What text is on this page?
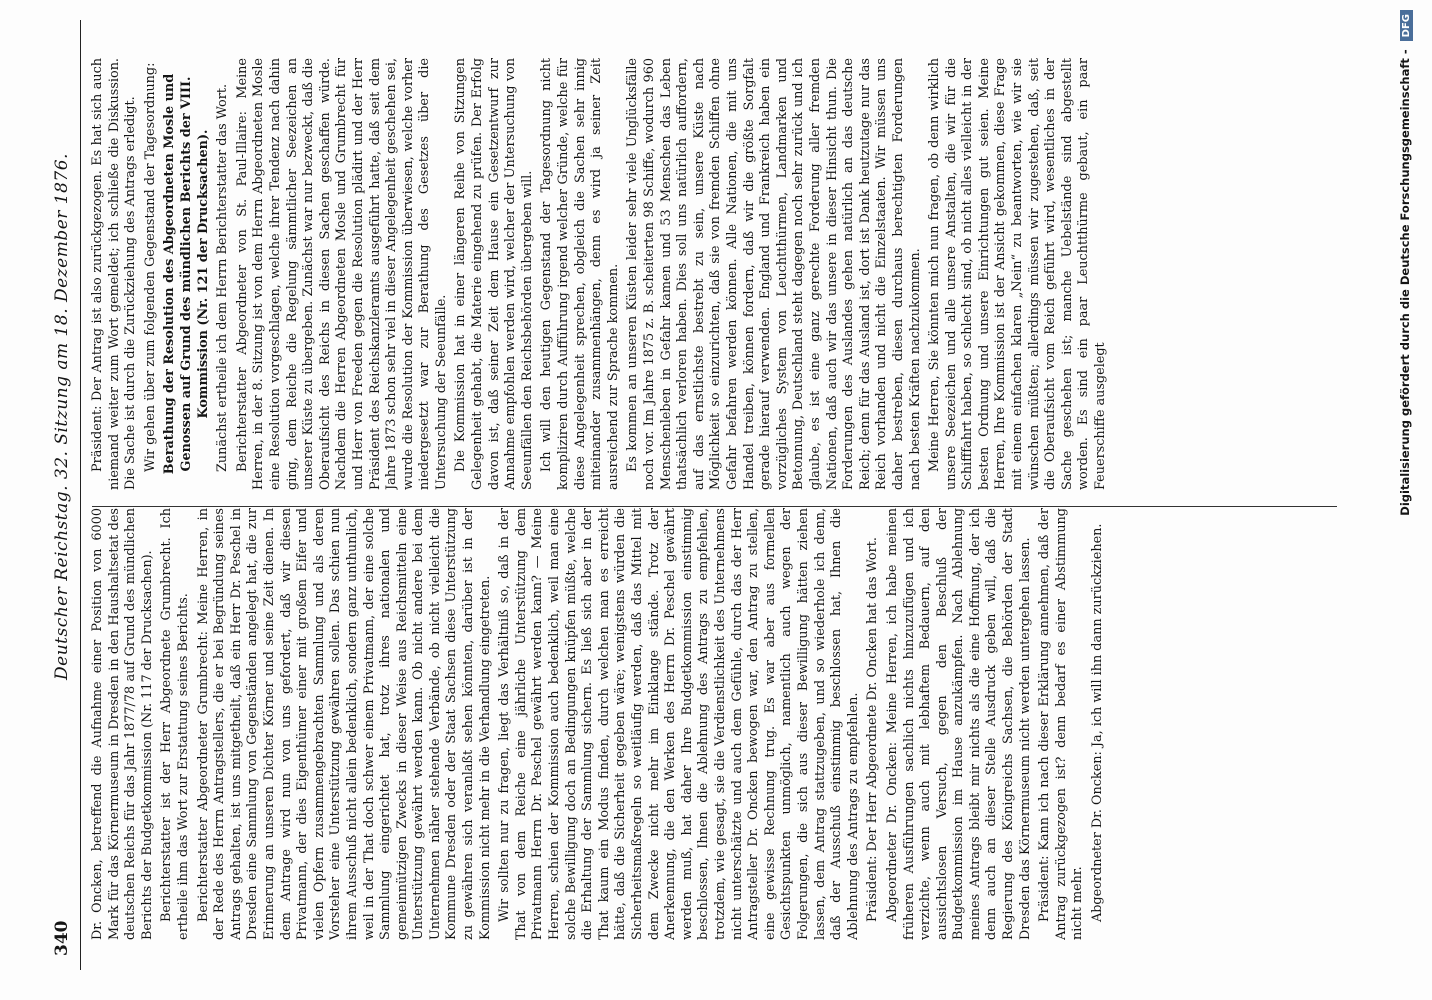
340
Deutscher Reichstag. 32. Sitzung am 18. Dezember 1876.

Dr. Oncken, betreffend die Aufnahme einer Position von 6000 Mark für das Körnermuseum in Dresden in den Haushaltsetat des deutschen Reichs für das Jahr 1877/78 auf Grund des mündlichen Berichts der Budgetkommission (Nr. 117 der Drucksachen). Berichterstatter ist der Herr Abgeordnete Grumbrecht. Ich ertheile ihm das Wort zur Erstattung seines Berichts. Berichterstatter Abgeordneter Grumbrecht: Meine Herren, in der Rede des Herrn Antragstellers, die er bei Begründung seines Antrags gehalten, ist uns mitgetheilt, daß ein Herr Dr. Peschel in Dresden eine Sammlung von Gegenständen angelegt hat, die zur Erinnerung an unseren Dichter Körner und seine Zeit dienen. In dem Antrage wird nun von uns gefordert, daß wir diesen Privatmann, der dies Eigenthümer einer mit großem Eifer und vielen Opfern zusammengebrachten Sammlung und als deren Vorsteher eine Unterstützung gewähren sollen. Das schien nun ihrem Ausschuß nicht allein bedenklich, sondern ganz unthunlich, weil in der That doch schwer einem Privatmann, der eine solche Sammlung eingerichtet hat, trotz ihres nationalen und gemeinnützigen Zwecks in dieser Weise aus Reichsmitteln eine Unterstützung gewährt werden kann. Ob nicht andere bei dem Unternehmen näher stehende Verbände, ob nicht vielleicht die Kommune Dresden oder der Staat Sachsen diese Unterstützung zu gewähren sich veranlaßt sehen könnten, darüber ist in der Kommission nicht mehr in die Verhandlung eingetreten. Wir sollten nur zu fragen, liegt das Verhältniß so, daß in der That von dem Reiche eine jährliche Unterstützung dem Privatmann Herrn Dr. Peschel gewährt werden kann? — Meine Herren, schien der Kommission auch bedenklich, weil man eine solche Bewilligung doch an Bedingungen knüpfen müßte, welche die Erhaltung der Sammlung sichern. Es ließ sich aber in der That kaum ein Modus finden, durch welchen man es erreicht hätte, daß die Sicherheit gegeben wäre; wenigstens würden die Sicherheitsmaßregeln so weitläufig werden, daß das Mittel mit dem Zwecke nicht mehr im Einklange stände. Trotz der Anerkennung, die den Werken des Herrn Dr. Peschel gewährt werden muß, hat daher Ihre Budgetkommission einstimmig beschlossen, Ihnen die Ablehnung des Antrags zu empfehlen, trotzdem, wie gesagt, sie die Verdienstlichkeit des Unternehmens nicht unterschätzte und auch dem Gefühle, durch das der Herr Antragsteller Dr. Oncken bewogen war, den Antrag zu stellen, eine gewisse Rechnung trug. Es war aber aus formellen Gesichtspunkten unmöglich, namentlich auch wegen der Folgerungen, die sich aus dieser Bewilligung hätten ziehen lassen, dem Antrag stattzugeben, und so wiederhole ich denn, daß der Ausschuß einstimmig beschlossen hat, Ihnen die Ablehnung des Antrags zu empfehlen. Präsident: Der Herr Abgeordnete Dr. Oncken hat das Wort. Abgeordneter Dr. Oncken: Meine Herren, ich habe meinen früheren Ausführungen sachlich nichts hinzuzufügen und ich verzichte, wenn auch mit lebhaftem Bedauern, auf den aussichtslosen Versuch, gegen den Beschluß der Budgetkommission im Hause anzukämpfen. Nach Ablehnung meines Antrags bleibt mir nichts als die eine Hoffnung, der ich denn auch an dieser Stelle Ausdruck geben will, daß die Regierung des Königreichs Sachsen, die Behörden der Stadt Dresden das Körnermuseum nicht werden untergehen lassen. Präsident: Kann ich nach dieser Erklärung annehmen, daß der Antrag zurückgezogen ist? denn bedarf es einer Abstimmung nicht mehr. Abgeordneter Dr. Oncken: Ja, ich will ihn dann zurückziehen.

Präsident: Der Antrag ist also zurückgezogen. Es hat sich auch niemand weiter zum Wort gemeldet; ich schließe die Diskussion. Die Sache ist durch die Zurückziehung des Antrags erledigt. Wir gehen über zum folgenden Gegenstand der Tagesordnung: Berathung der Resolution des Abgeordneten Mosle und Genossen auf Grund des mündlichen Berichts der VIII. Kommission (Nr. 121 der Drucksachen). Zunächst ertheile ich dem Herrn Berichterstatter das Wort. Berichterstatter Abgeordneter von St. Paul-Illaire: Meine Herren, in der 8. Sitzung ist von dem Herrn Abgeordneten Mosle eine Resolution vorgeschlagen, welche ihrer Tendenz nach dahin ging, dem Reiche die Regelung sämmtlicher Seezeichen an unserer Küste zu übergeben. Zunächst war nur bezweckt, daß die Oberaufsicht des Reichs in diesen Sachen geschaffen würde. Nachdem die Herren Abgeordneten Mosle und Grumbrecht für und Herr von Freeden gegen die Resolution plädirt und der Herr Präsident des Reichskanzleramts ausgeführt hatte, daß seit dem Jahre 1873 schon sehr viel in dieser Angelegenheit geschehen sei, wurde die Resolution der Kommission überwiesen, welche vorher niedergesetzt war zur Berathung des Gesetzes über die Untersuchung der Seeunfälle. Die Kommission hat in einer längeren Reihe von Sitzungen Gelegenheit gehabt, die Materie eingehend zu prüfen. Der Erfolg davon ist, daß seiner Zeit dem Hause ein Gesetzentwurf zur Annahme empfohlen werden wird, welcher der Untersuchung von Seeunfällen den Reichsbehörden übergeben will. Ich will den heutigen Gegenstand der Tagesordnung nicht kompliziren durch Aufführung irgend welcher Gründe, welche für diese Angelegenheit sprechen, obgleich die Sachen sehr innig miteinander zusammenhängen, denn es wird ja seiner Zeit ausreichend zur Sprache kommen. Es kommen an unseren Küsten leider sehr viele Unglücksfälle noch vor. Im Jahre 1875 z. B. scheiterten 98 Schiffe, wodurch 960 Menschenleben in Gefahr kamen und 53 Menschen das Leben thatsächlich verloren haben. Dies soll uns natürlich auffordern, auf das ernstlichste bestrebt zu sein, unsere Küste nach Möglichkeit so einzurichten, daß sie von fremden Schiffen ohne Gefahr befahren werden können. Alle Nationen, die mit uns Handel treiben, können fordern, daß wir die größte Sorgfalt gerade hierauf verwenden. England und Frankreich haben ein vorzügliches System von Leuchtthürmen, Landmarken und Betonnung, Deutschland steht dagegen noch sehr zurück und ich glaube, es ist eine ganz gerechte Forderung aller fremden Nationen, daß auch wir das unsere in dieser Hinsicht thun. Die Forderungen des Auslandes gehen natürlich an das deutsche Reich; denn für das Ausland ist, dort ist Dank heutzutage nur das Reich vorhanden und nicht die Einzelstaaten. Wir müssen uns daher bestreben, diesen durchaus berechtigten Forderungen nach besten Kräften nachzukommen. Meine Herren, Sie könnten mich nun fragen, ob denn wirklich unsere Seezeichen und alle unsere Anstalten, die wir für die Schifffahrt haben, so schlecht sind, ob nicht alles vielleicht in der besten Ordnung und unsere Einrichtungen gut seien. Meine Herren, Ihre Kommission ist der Ansicht gekommen, diese Frage mit einem einfachen klaren „Nein“ zu beantworten, wie wir sie wünschen müßten; allerdings müssen wir zugestehen, daß, seit die Oberaufsicht vom Reich geführt wird, wesentliches in der Sache geschehen ist; manche Uebelstände sind abgestellt worden. Es sind ein paar Leuchtthürme gebaut, ein paar Feuerschiffe ausgelegt	Digitalisierung gefördert durch die Deutsche Forschungsgemeinschaft - DFG
